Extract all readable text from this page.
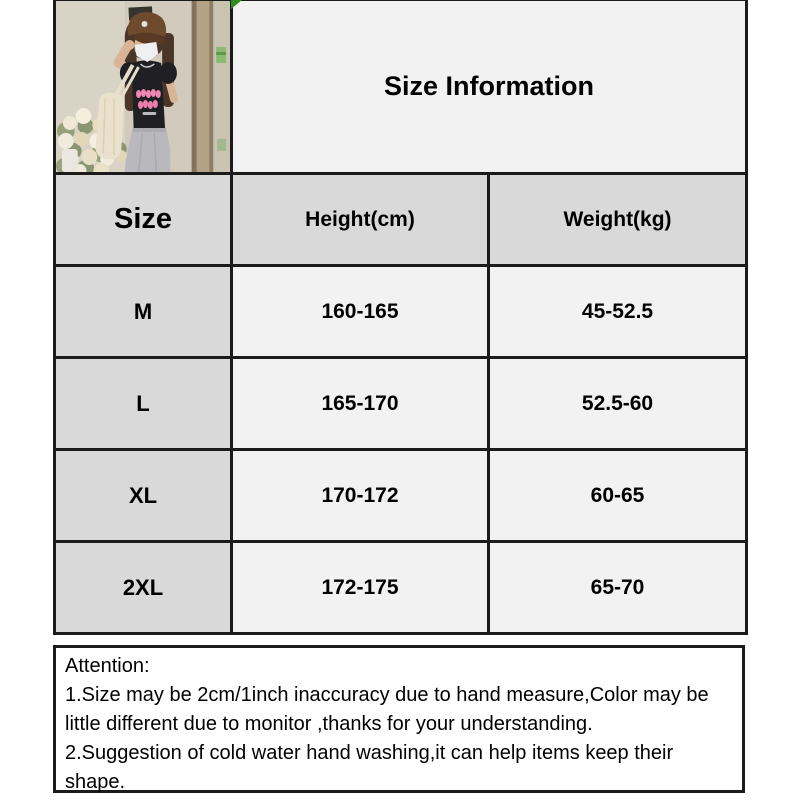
	Size Information	
Size	Height(cm)	Weight(kg)
M	160-165	45-52.5
L	165-170	52.5-60
XL	170-172	60-65
2XL	172-175	65-70

Attention:

1.Size may be 2cm/1inch inaccuracy due to hand measure,Color may be little different due to monitor ,thanks for your understanding.

2.Suggestion of cold water hand washing,it can help items keep their shape.
